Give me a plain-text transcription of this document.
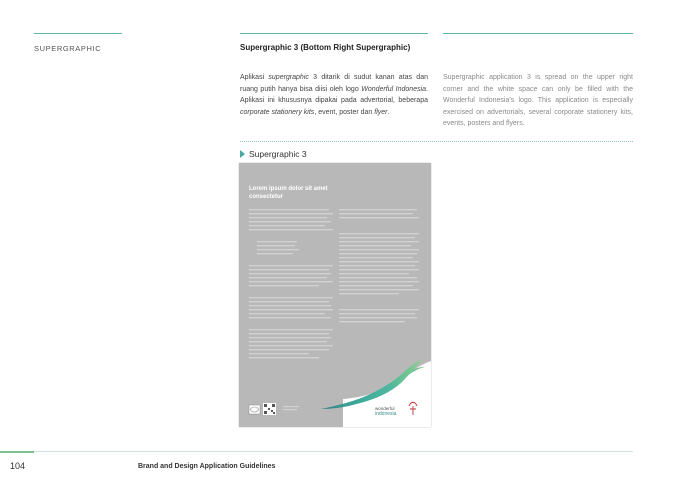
SUPERGRAPHIC	Supergraphic 3 (Bottom Right Supergraphic)

Aplikasi supergraphic 3 ditarik di sudut kanan atas dan ruang putih hanya bisa diisi oleh logo Wonderful Indonesia. Aplikasi ini khususnya dipakai pada advertorial, beberapa corporate stationery kits, event, poster dan flyer.

Supergraphic application 3 is spread on the upper right corner and the white space can only be filled with the Wonderful Indonesia's logo. This application is especially exercised on advertorials, several corporate stationery kits, events, posters and flyers.

Supergraphic 3
Lorem ipsum dolor sit amet consectetur
wonderful
indonesia
104	Brand and Design Application Guidelines
